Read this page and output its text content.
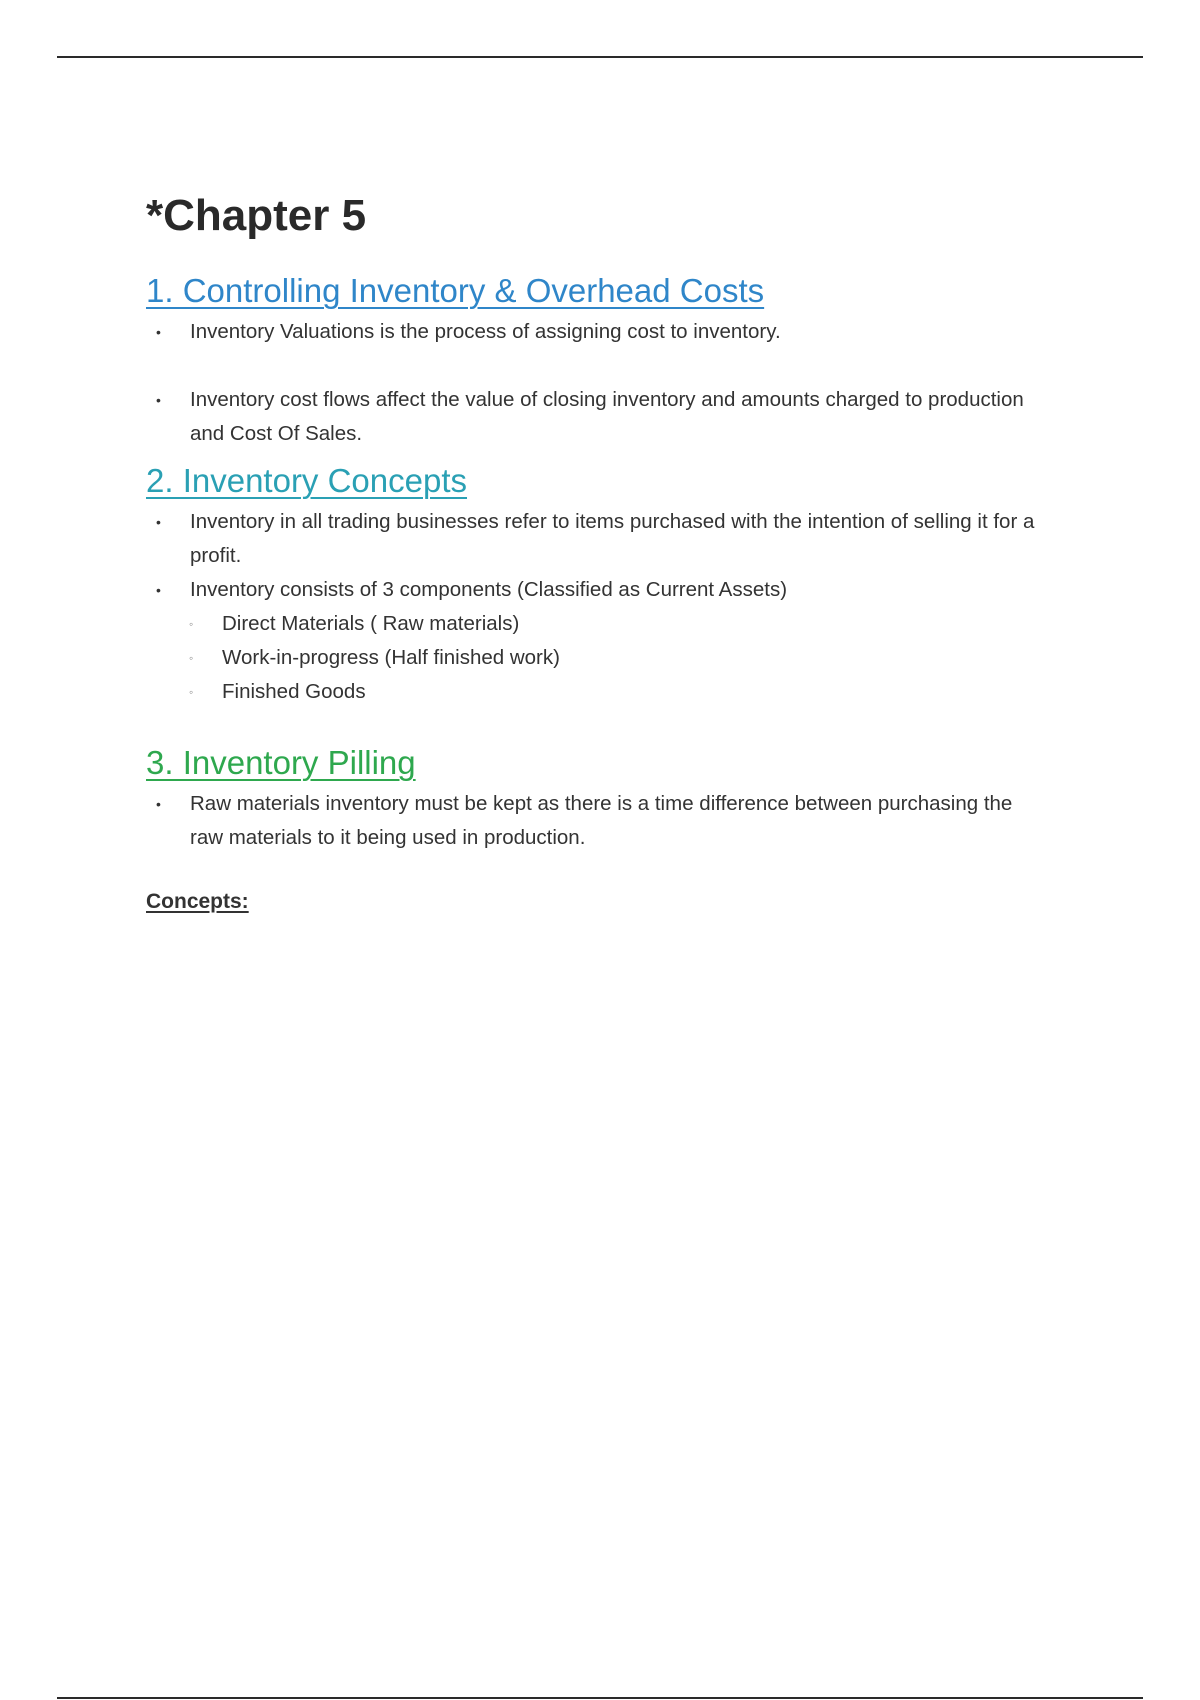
*Chapter 5
1. Controlling Inventory & Overhead Costs
• Inventory Valuations is the process of assigning cost to inventory.
• Inventory cost flows affect the value of closing inventory and amounts charged to production and Cost Of Sales.
2. Inventory Concepts
• Inventory in all trading businesses refer to items purchased with the intention of selling it for a profit.
• Inventory consists of 3 components (Classified as Current Assets)
◦ Direct Materials ( Raw materials)
◦ Work-in-progress (Half finished work)
◦ Finished Goods
3. Inventory Pilling
• Raw materials inventory must be kept as there is a time difference between purchasing the raw materials to it being used in production.
Concepts:
